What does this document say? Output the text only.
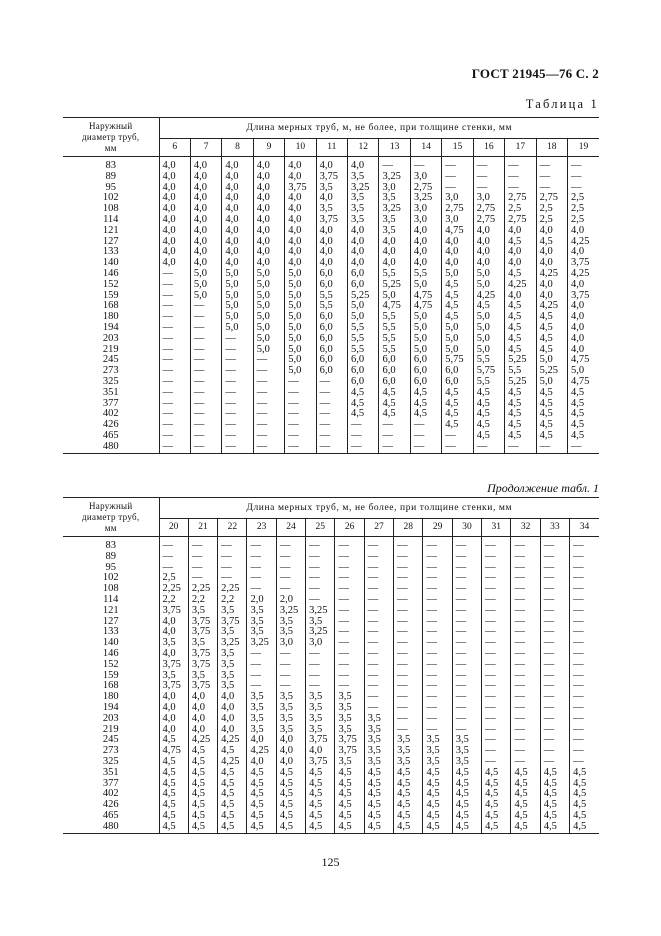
ГОСТ 21945—76 С. 2
Таблица 1
Наружный
диаметр труб,
мм	Длина мерных труб, м, не более, при толщине стенки, мм													
	6	7	8	9	10	11	12	13	14	15	16	17	18	19
83	4,0	4,0	4,0	4,0	4,0	4,0	4,0	—	—	—	—	—	—	—
89	4,0	4,0	4,0	4,0	4,0	3,75	3,5	3,25	3,0	—	—	—	—	—
95	4,0	4,0	4,0	4,0	3,75	3,5	3,25	3,0	2,75	—	—	—	—	—
102	4,0	4,0	4,0	4,0	4,0	4,0	3,5	3,5	3,25	3,0	3,0	2,75	2,75	2,5
108	4,0	4,0	4,0	4,0	4,0	3,5	3,5	3,25	3,0	2,75	2,75	2,5	2,5	2,5
114	4,0	4,0	4,0	4,0	4,0	3,75	3,5	3,5	3,0	3,0	2,75	2,75	2,5	2,5
121	4,0	4,0	4,0	4,0	4,0	4,0	4,0	3,5	4,0	4,75	4,0	4,0	4,0	4,0
127	4,0	4,0	4,0	4,0	4,0	4,0	4,0	4,0	4,0	4,0	4,0	4,5	4,5	4,25
133	4,0	4,0	4,0	4,0	4,0	4,0	4,0	4,0	4,0	4,0	4,0	4,0	4,0	4,0
140	4,0	4,0	4,0	4,0	4,0	4,0	4,0	4,0	4,0	4,0	4,0	4,0	4,0	3,75
146	—	5,0	5,0	5,0	5,0	6,0	6,0	5,5	5,5	5,0	5,0	4,5	4,25	4,25
152	—	5,0	5,0	5,0	5,0	6,0	6,0	5,25	5,0	4,5	5,0	4,25	4,0	4,0
159	—	5,0	5,0	5,0	5,0	5,5	5,25	5,0	4,75	4,5	4,25	4,0	4,0	3,75
168	—	—	5,0	5,0	5,0	5,5	5,0	4,75	4,75	4,5	4,5	4,5	4,25	4,0
180	—	—	5,0	5,0	5,0	6,0	5,0	5,5	5,0	4,5	5,0	4,5	4,5	4,0
194	—	—	5,0	5,0	5,0	6,0	5,5	5,5	5,0	5,0	5,0	4,5	4,5	4,0
203	—	—	—	5,0	5,0	6,0	5,5	5,5	5,0	5,0	5,0	4,5	4,5	4,0
219	—	—	—	5,0	5,0	6,0	5,5	5,5	5,0	5,0	5,0	4,5	4,5	4,0
245	—	—	—	—	5,0	6,0	6,0	6,0	6,0	5,75	5,5	5,25	5,0	4,75
273	—	—	—	—	5,0	6,0	6,0	6,0	6,0	6,0	5,75	5,5	5,25	5,0
325	—	—	—	—	—	—	6,0	6,0	6,0	6,0	5,5	5,25	5,0	4,75
351	—	—	—	—	—	—	4,5	4,5	4,5	4,5	4,5	4,5	4,5	4,5
377	—	—	—	—	—	—	4,5	4,5	4,5	4,5	4,5	4,5	4,5	4,5
402	—	—	—	—	—	—	4,5	4,5	4,5	4,5	4,5	4,5	4,5	4,5
426	—	—	—	—	—	—	—	—	—	4,5	4,5	4,5	4,5	4,5
465	—	—	—	—	—	—	—	—	—	—	4,5	4,5	4,5	4,5
480	—	—	—	—	—	—	—	—	—	—	—	—	—	—
Продолжение табл. 1
Наружный
диаметр труб,
мм	Длина мерных труб, м, не более, при толщине стенки, мм														
	20	21	22	23	24	25	26	27	28	29	30	31	32	33	34
83	—	—	—	—	—	—	—	—	—	—	—	—	—	—	—
89	—	—	—	—	—	—	—	—	—	—	—	—	—	—	—
95	—	—	—	—	—	—	—	—	—	—	—	—	—	—	—
102	2,5	—	—	—	—	—	—	—	—	—	—	—	—	—	—
108	2,25	2,25	2,25	—	—	—	—	—	—	—	—	—	—	—	—
114	2,2	2,2	2,2	2,0	2,0	—	—	—	—	—	—	—	—	—	—
121	3,75	3,5	3,5	3,5	3,25	3,25	—	—	—	—	—	—	—	—	—
127	4,0	3,75	3,75	3,5	3,5	3,5	—	—	—	—	—	—	—	—	—
133	4,0	3,75	3,5	3,5	3,5	3,25	—	—	—	—	—	—	—	—	—
140	3,5	3,5	3,25	3,25	3,0	3,0	—	—	—	—	—	—	—	—	—
146	4,0	3,75	3,5	—	—	—	—	—	—	—	—	—	—	—	—
152	3,75	3,75	3,5	—	—	—	—	—	—	—	—	—	—	—	—
159	3,5	3,5	3,5	—	—	—	—	—	—	—	—	—	—	—	—
168	3,75	3,75	3,5	—	—	—	—	—	—	—	—	—	—	—	—
180	4,0	4,0	4,0	3,5	3,5	3,5	3,5	—	—	—	—	—	—	—	—
194	4,0	4,0	4,0	3,5	3,5	3,5	3,5	—	—	—	—	—	—	—	—
203	4,0	4,0	4,0	3,5	3,5	3,5	3,5	3,5	—	—	—	—	—	—	—
219	4,0	4,0	4,0	3,5	3,5	3,5	3,5	3,5	—	—	—	—	—	—	—
245	4,5	4,25	4,25	4,0	4,0	3,75	3,75	3,5	3,5	3,5	3,5	—	—	—	—
273	4,75	4,5	4,5	4,25	4,0	4,0	3,75	3,5	3,5	3,5	3,5	—	—	—	—
325	4,5	4,5	4,25	4,0	4,0	3,75	3,5	3,5	3,5	3,5	3,5	—	—	—	—
351	4,5	4,5	4,5	4,5	4,5	4,5	4,5	4,5	4,5	4,5	4,5	4,5	4,5	4,5	4,5
377	4,5	4,5	4,5	4,5	4,5	4,5	4,5	4,5	4,5	4,5	4,5	4,5	4,5	4,5	4,5
402	4,5	4,5	4,5	4,5	4,5	4,5	4,5	4,5	4,5	4,5	4,5	4,5	4,5	4,5	4,5
426	4,5	4,5	4,5	4,5	4,5	4,5	4,5	4,5	4,5	4,5	4,5	4,5	4,5	4,5	4,5
465	4,5	4,5	4,5	4,5	4,5	4,5	4,5	4,5	4,5	4,5	4,5	4,5	4,5	4,5	4,5
480	4,5	4,5	4,5	4,5	4,5	4,5	4,5	4,5	4,5	4,5	4,5	4,5	4,5	4,5	4,5
125
